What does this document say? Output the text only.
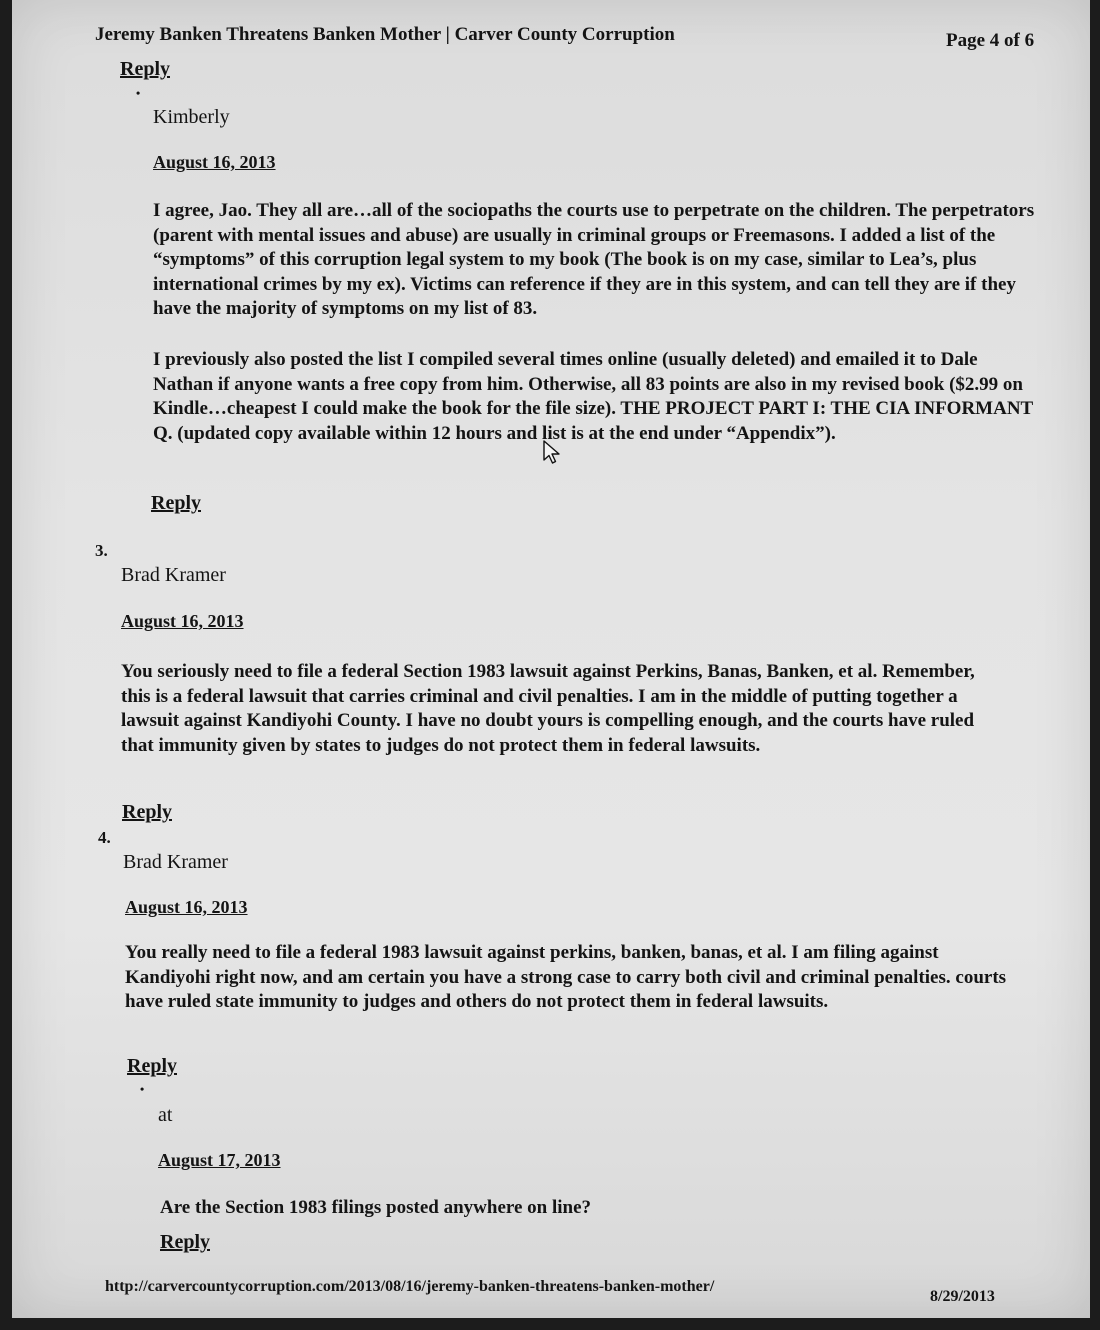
Jeremy Banken Threatens Banken Mother | Carver County Corruption	Page 4 of 6
Reply
•
Kimberly
August 16, 2013

I agree, Jao. They all are…all of the sociopaths the courts use to perpetrate on the children. The perpetrators (parent with mental issues and abuse) are usually in criminal groups or Freemasons. I added a list of the “symptoms” of this corruption legal system to my book (The book is on my case, similar to Lea’s, plus international crimes by my ex). Victims can reference if they are in this system, and can tell they are if they have the majority of symptoms on my list of 83.

I previously also posted the list I compiled several times online (usually deleted) and emailed it to Dale Nathan if anyone wants a free copy from him. Otherwise, all 83 points are also in my revised book ($2.99 on Kindle…cheapest I could make the book for the file size). THE PROJECT PART I: THE CIA INFORMANT Q. (updated copy available within 12 hours and list is at the end under “Appendix”).

Reply
3.
Brad Kramer
August 16, 2013

You seriously need to file a federal Section 1983 lawsuit against Perkins, Banas, Banken, et al. Remember, this is a federal lawsuit that carries criminal and civil penalties. I am in the middle of putting together a lawsuit against Kandiyohi County. I have no doubt yours is compelling enough, and the courts have ruled that immunity given by states to judges do not protect them in federal lawsuits.

Reply
4.
Brad Kramer
August 16, 2013

You really need to file a federal 1983 lawsuit against perkins, banken, banas, et al. I am filing against Kandiyohi right now, and am certain you have a strong case to carry both civil and criminal penalties. courts have ruled state immunity to judges and others do not protect them in federal lawsuits.

Reply
•
at
August 17, 2013

Are the Section 1983 filings posted anywhere on line?

Reply
http://carvercountycorruption.com/2013/08/16/jeremy-banken-threatens-banken-mother/
8/29/2013
